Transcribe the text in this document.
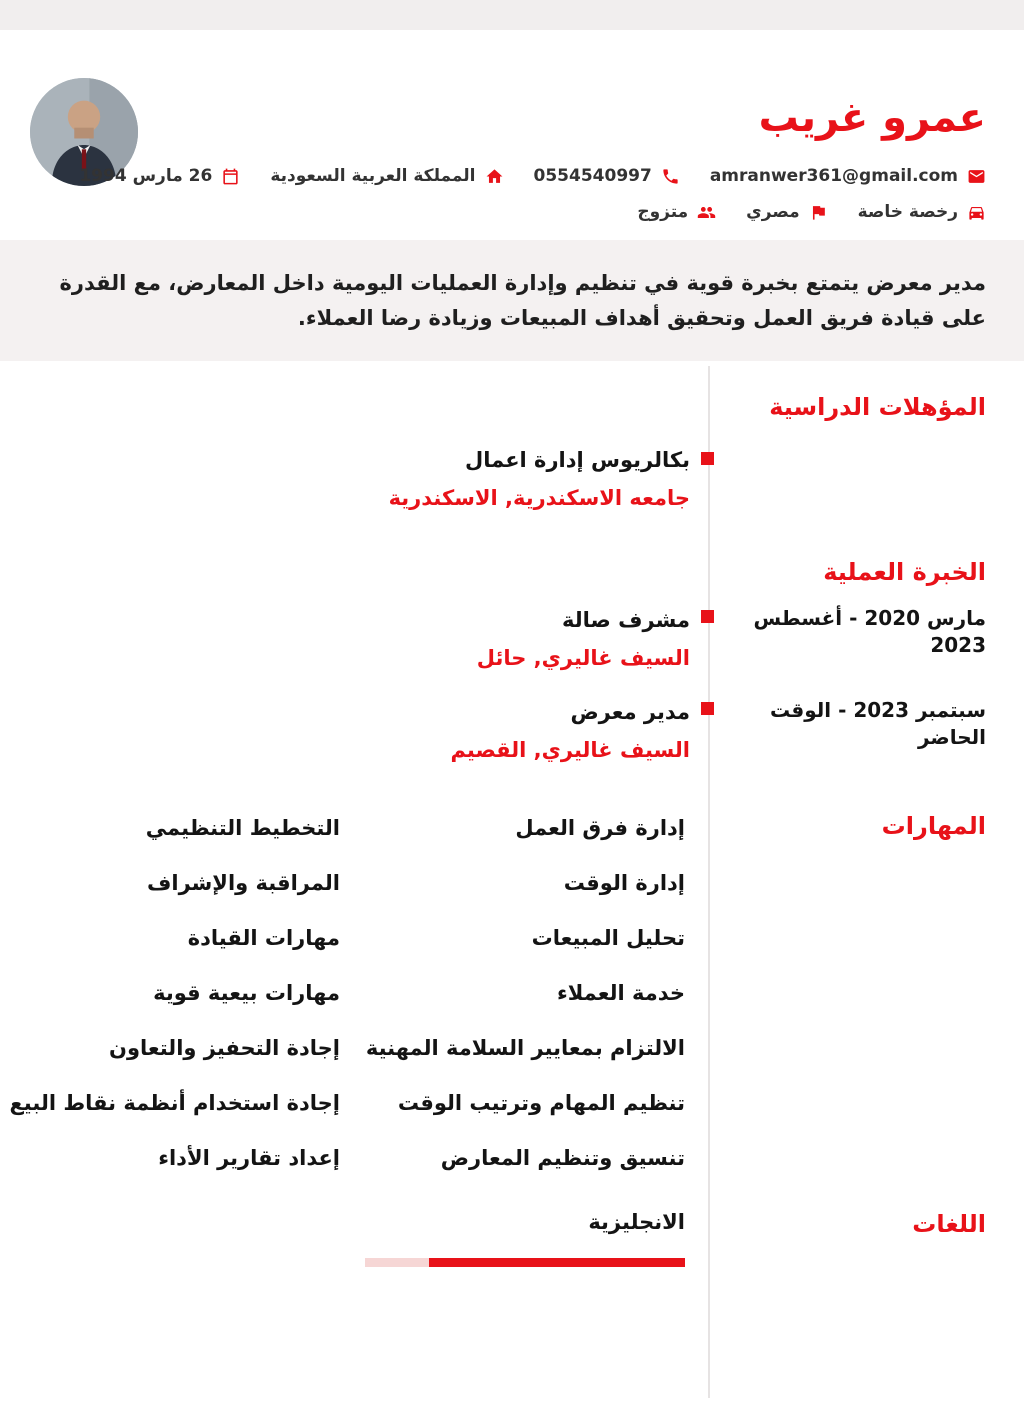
عمرو غريب
amranwer361@gmail.com
0554540997
المملكة العربية السعودية
26 مارس 1994
رخصة خاصة
مصري
متزوج
مدير معرض يتمتع بخبرة قوية في تنظيم وإدارة العمليات اليومية داخل المعارض، مع القدرة على قيادة فريق العمل وتحقيق أهداف المبيعات وزيادة رضا العملاء.
المؤهلات الدراسية
بكالريوس إدارة اعمال
جامعه الاسكندرية, الاسكندرية
الخبرة العملية
مارس 2020 - أغسطس 2023
مشرف صالة
السيف غاليري, حائل
سبتمبر 2023 - الوقت الحاضر
مدير معرض
السيف غاليري, القصيم
المهارات
إدارة فرق العمل
التخطيط التنظيمي
إدارة الوقت
المراقبة والإشراف
تحليل المبيعات
مهارات القيادة
خدمة العملاء
مهارات بيعية قوية
الالتزام بمعايير السلامة المهنية
إجادة التحفيز والتعاون
تنظيم المهام وترتيب الوقت
إجادة استخدام أنظمة نقاط البيع
تنسيق وتنظيم المعارض
إعداد تقارير الأداء
اللغات
الانجليزية
